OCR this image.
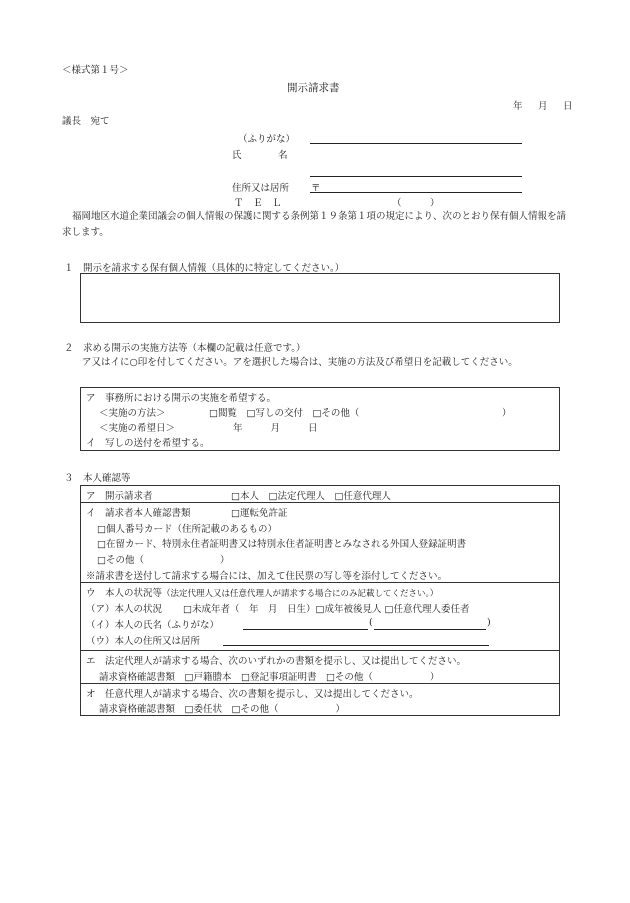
＜様式第１号＞
開示請求書
年　月　日
議長　宛て
（ふりがな）
氏　　　名
住所又は居所 〒
Ｔ　Ｅ　Ｌ	（　　　）
福岡地区水道企業団議会の個人情報の保護に関する条例第１９条第１項の規定により、次のとおり保有個人情報を請求します。
１　開示を請求する保有個人情報（具体的に特定してください。）
２　求める開示の実施方法等（本欄の記載は任意です。）
ア又はイに○印を付してください。アを選択した場合は、実施の方法及び希望日を記載してください。
ア　事務所における開示の実施を希望する。
＜実施の方法＞	□閲覧　□写しの交付　□その他（　　　　　　　　　　　　　　　）
＜実施の希望日＞	年　　月　　日
イ　写しの送付を希望する。
３　本人確認等
ア　開示請求者	□本人　□法定代理人　□任意代理人
イ　請求者本人確認書類	□運転免許証
□個人番号カード（住所記載のあるもの）
□在留カード、特別永住者証明書又は特別永住者証明書とみなされる外国人登録証明書
□その他（　　　　　　　　）
※請求書を送付して請求する場合には、加えて住民票の写し等を添付してください。
ウ　本人の状況等（法定代理人又は任意代理人が請求する場合にのみ記載してください。）
（ア）本人の状況 □未成年者（　年　月　日生）□成年被後見人 □任意代理人委任者
（イ）本人の氏名（ふりがな）	(	)
（ウ）本人の住所又は居所
エ　法定代理人が請求する場合、次のいずれかの書類を提示し、又は提出してください。
請求資格確認書類　□戸籍謄本　□登記事項証明書　□その他（　　　　　　）
オ　任意代理人が請求する場合、次の書類を提示し、又は提出してください。
請求資格確認書類　□委任状　□その他（　　　　　　）
